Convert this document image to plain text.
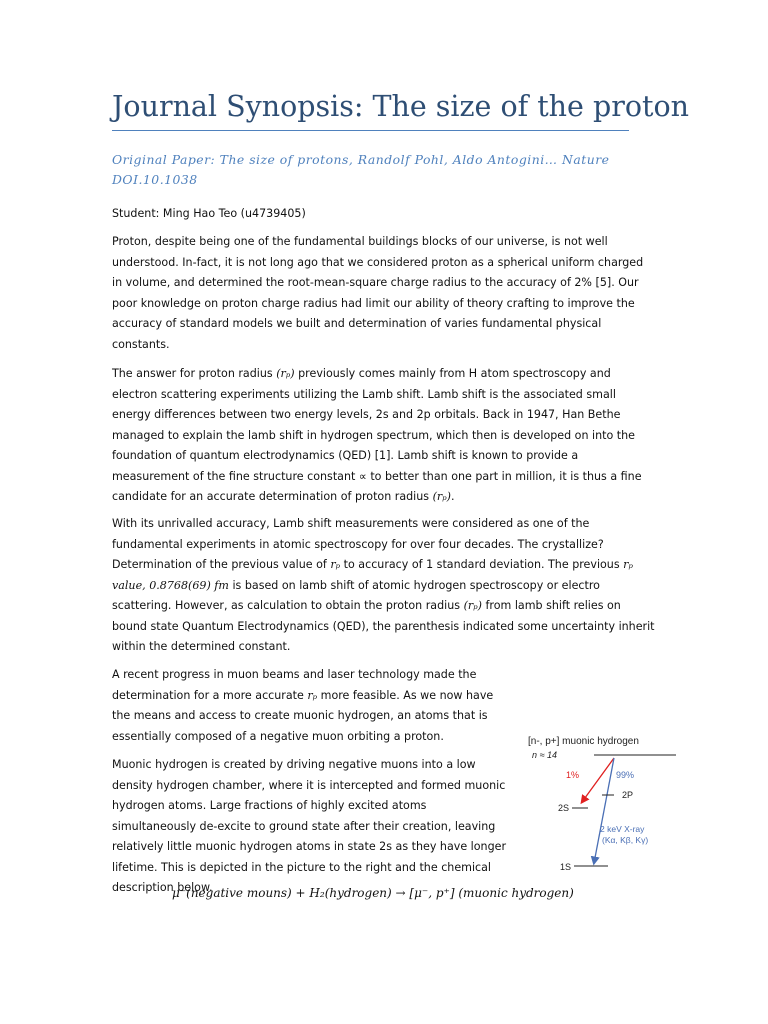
Journal Synopsis: The size of the proton
Original Paper: The size of protons, Randolf Pohl, Aldo Antogini… Nature DOI.10.1038
Student: Ming Hao Teo (u4739405)
Proton, despite being one of the fundamental buildings blocks of our universe, is not well understood. In-fact, it is not long ago that we considered proton as a spherical uniform charged in volume, and determined the root-mean-square charge radius to the accuracy of 2% [5]. Our poor knowledge on proton charge radius had limit our ability of theory crafting to improve the accuracy of standard models we built and determination of varies fundamental physical constants.
The answer for proton radius (rₚ) previously comes mainly from H atom spectroscopy and electron scattering experiments utilizing the Lamb shift. Lamb shift is the associated small energy differences between two energy levels, 2s and 2p orbitals. Back in 1947, Han Bethe managed to explain the lamb shift in hydrogen spectrum, which then is developed on into the foundation of quantum electrodynamics (QED) [1]. Lamb shift is known to provide a measurement of the fine structure constant ∝ to better than one part in million, it is thus a fine candidate for an accurate determination of proton radius (rₚ).
With its unrivalled accuracy, Lamb shift measurements were considered as one of the fundamental experiments in atomic spectroscopy for over four decades. The crystallize? Determination of the previous value of rₚ to accuracy of 1 standard deviation. The previous rₚ value, 0.8768(69) fm is based on lamb shift of atomic hydrogen spectroscopy or electro scattering. However, as calculation to obtain the proton radius (rₚ) from lamb shift relies on bound state Quantum Electrodynamics (QED), the parenthesis indicated some uncertainty inherit within the determined constant.
A recent progress in muon beams and laser technology made the determination for a more accurate rₚ more feasible. As we now have the means and access to create muonic hydrogen, an atoms that is essentially composed of a negative muon orbiting a proton.
Muonic hydrogen is created by driving negative muons into a low density hydrogen chamber, where it is intercepted and formed muonic hydrogen atoms. Large fractions of highly excited atoms simultaneously de-excite to ground state after their creation, leaving relatively little muonic hydrogen atoms in state 2s as they have longer lifetime. This is depicted in the picture to the right and the chemical description below.
μ⁻(negative mouns) + H₂(hydrogen) → [μ⁻, p⁺] (muonic hydrogen)
[n-, p+] muonic hydrogen
n ≈ 14
1%	99%
2P
2S
2 keV X-ray
(Kα, Kβ, Kγ)
1S
